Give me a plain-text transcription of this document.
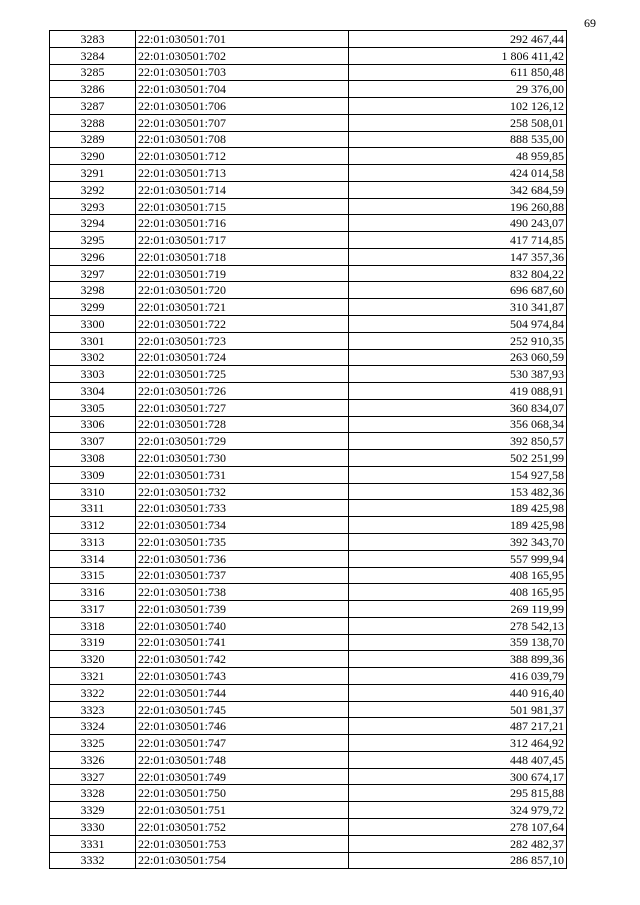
69
3283	22:01:030501:701	292 467,44
3284	22:01:030501:702	1 806 411,42
3285	22:01:030501:703	611 850,48
3286	22:01:030501:704	29 376,00
3287	22:01:030501:706	102 126,12
3288	22:01:030501:707	258 508,01
3289	22:01:030501:708	888 535,00
3290	22:01:030501:712	48 959,85
3291	22:01:030501:713	424 014,58
3292	22:01:030501:714	342 684,59
3293	22:01:030501:715	196 260,88
3294	22:01:030501:716	490 243,07
3295	22:01:030501:717	417 714,85
3296	22:01:030501:718	147 357,36
3297	22:01:030501:719	832 804,22
3298	22:01:030501:720	696 687,60
3299	22:01:030501:721	310 341,87
3300	22:01:030501:722	504 974,84
3301	22:01:030501:723	252 910,35
3302	22:01:030501:724	263 060,59
3303	22:01:030501:725	530 387,93
3304	22:01:030501:726	419 088,91
3305	22:01:030501:727	360 834,07
3306	22:01:030501:728	356 068,34
3307	22:01:030501:729	392 850,57
3308	22:01:030501:730	502 251,99
3309	22:01:030501:731	154 927,58
3310	22:01:030501:732	153 482,36
3311	22:01:030501:733	189 425,98
3312	22:01:030501:734	189 425,98
3313	22:01:030501:735	392 343,70
3314	22:01:030501:736	557 999,94
3315	22:01:030501:737	408 165,95
3316	22:01:030501:738	408 165,95
3317	22:01:030501:739	269 119,99
3318	22:01:030501:740	278 542,13
3319	22:01:030501:741	359 138,70
3320	22:01:030501:742	388 899,36
3321	22:01:030501:743	416 039,79
3322	22:01:030501:744	440 916,40
3323	22:01:030501:745	501 981,37
3324	22:01:030501:746	487 217,21
3325	22:01:030501:747	312 464,92
3326	22:01:030501:748	448 407,45
3327	22:01:030501:749	300 674,17
3328	22:01:030501:750	295 815,88
3329	22:01:030501:751	324 979,72
3330	22:01:030501:752	278 107,64
3331	22:01:030501:753	282 482,37
3332	22:01:030501:754	286 857,10
